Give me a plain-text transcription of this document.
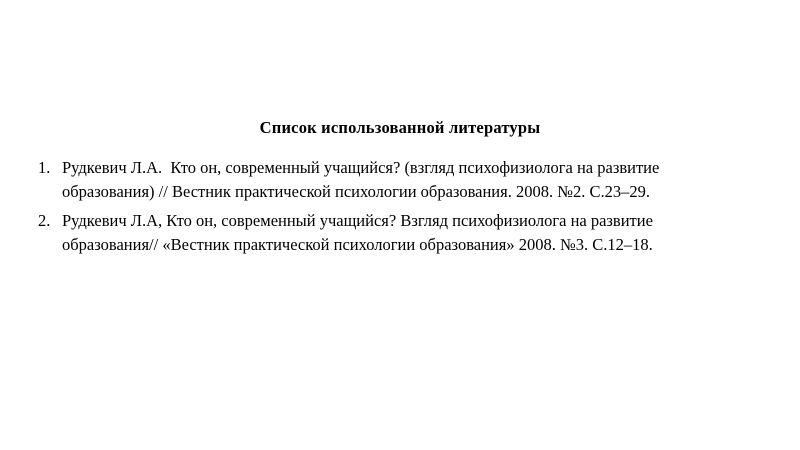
Список использованной литературы
1. Рудкевич Л.А.  Кто он, современный учащийся? (взгляд психофизиолога на развитие образования) // Вестник практической психологии образования. 2008. №2. С.23–29.
2. Рудкевич Л.А, Кто он, современный учащийся? Взгляд психофизиолога на развитие образования// «Вестник практической психологии образования» 2008. №3. С.12–18.
